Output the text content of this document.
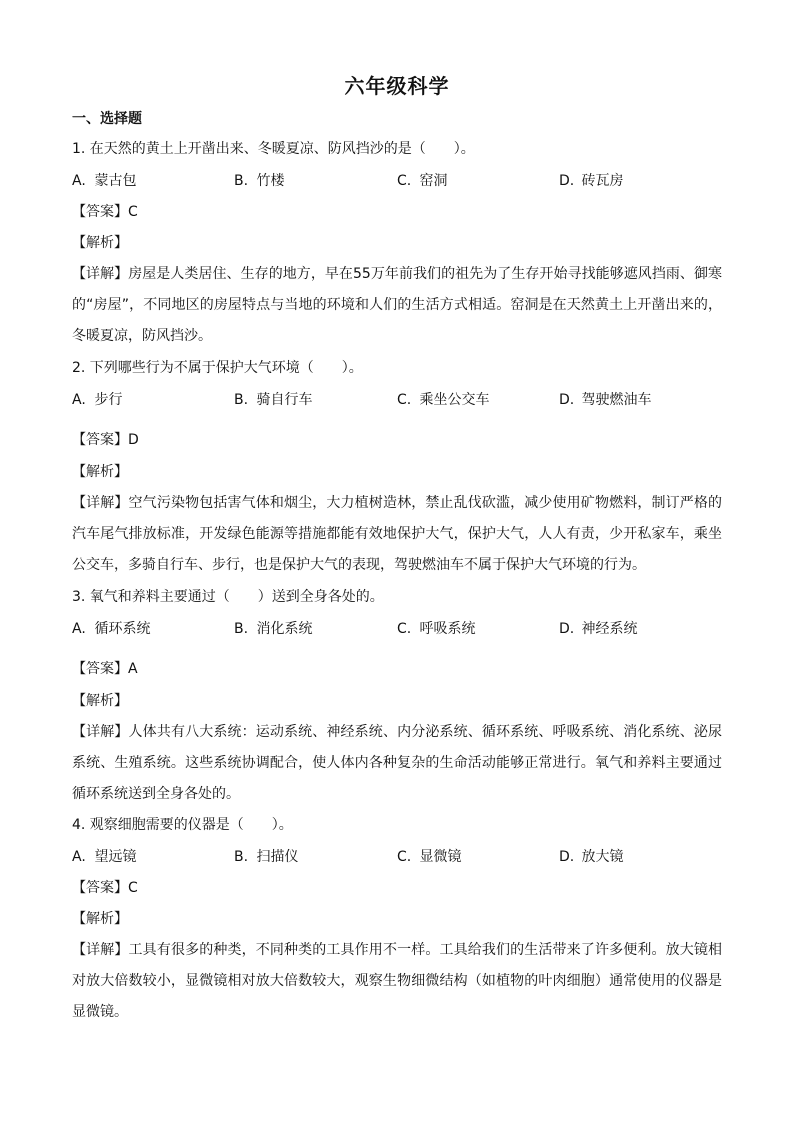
六年级科学
一、选择题
1. 在天然的黄土上开凿出来、冬暖夏凉、防风挡沙的是（　　）。
A. 蒙古包	B. 竹楼	C. 窑洞	D. 砖瓦房
【答案】C
【解析】
【详解】房屋是人类居住、生存的地方，早在55万年前我们的祖先为了生存开始寻找能够遮风挡雨、御寒的“房屋”，不同地区的房屋特点与当地的环境和人们的生活方式相适。窑洞是在天然黄土上开凿出来的，冬暖夏凉，防风挡沙。
2. 下列哪些行为不属于保护大气环境（　　）。
A. 步行	B. 骑自行车	C. 乘坐公交车	D. 驾驶燃油车
【答案】D
【解析】
【详解】空气污染物包括害气体和烟尘，大力植树造林，禁止乱伐砍滥，减少使用矿物燃料，制订严格的汽车尾气排放标准，开发绿色能源等措施都能有效地保护大气，保护大气，人人有责，少开私家车，乘坐公交车，多骑自行车、步行，也是保护大气的表现，驾驶燃油车不属于保护大气环境的行为。
3. 氧气和养料主要通过（　　）送到全身各处的。
A. 循环系统	B. 消化系统	C. 呼吸系统	D. 神经系统
【答案】A
【解析】
【详解】人体共有八大系统：运动系统、神经系统、内分泌系统、循环系统、呼吸系统、消化系统、泌尿系统、生殖系统。这些系统协调配合，使人体内各种复杂的生命活动能够正常进行。氧气和养料主要通过循环系统送到全身各处的。
4. 观察细胞需要的仪器是（　　）。
A. 望远镜	B. 扫描仪	C. 显微镜	D. 放大镜
【答案】C
【解析】
【详解】工具有很多的种类，不同种类的工具作用不一样。工具给我们的生活带来了许多便利。放大镜相对放大倍数较小，显微镜相对放大倍数较大，观察生物细微结构（如植物的叶肉细胞）通常使用的仪器是显微镜。
